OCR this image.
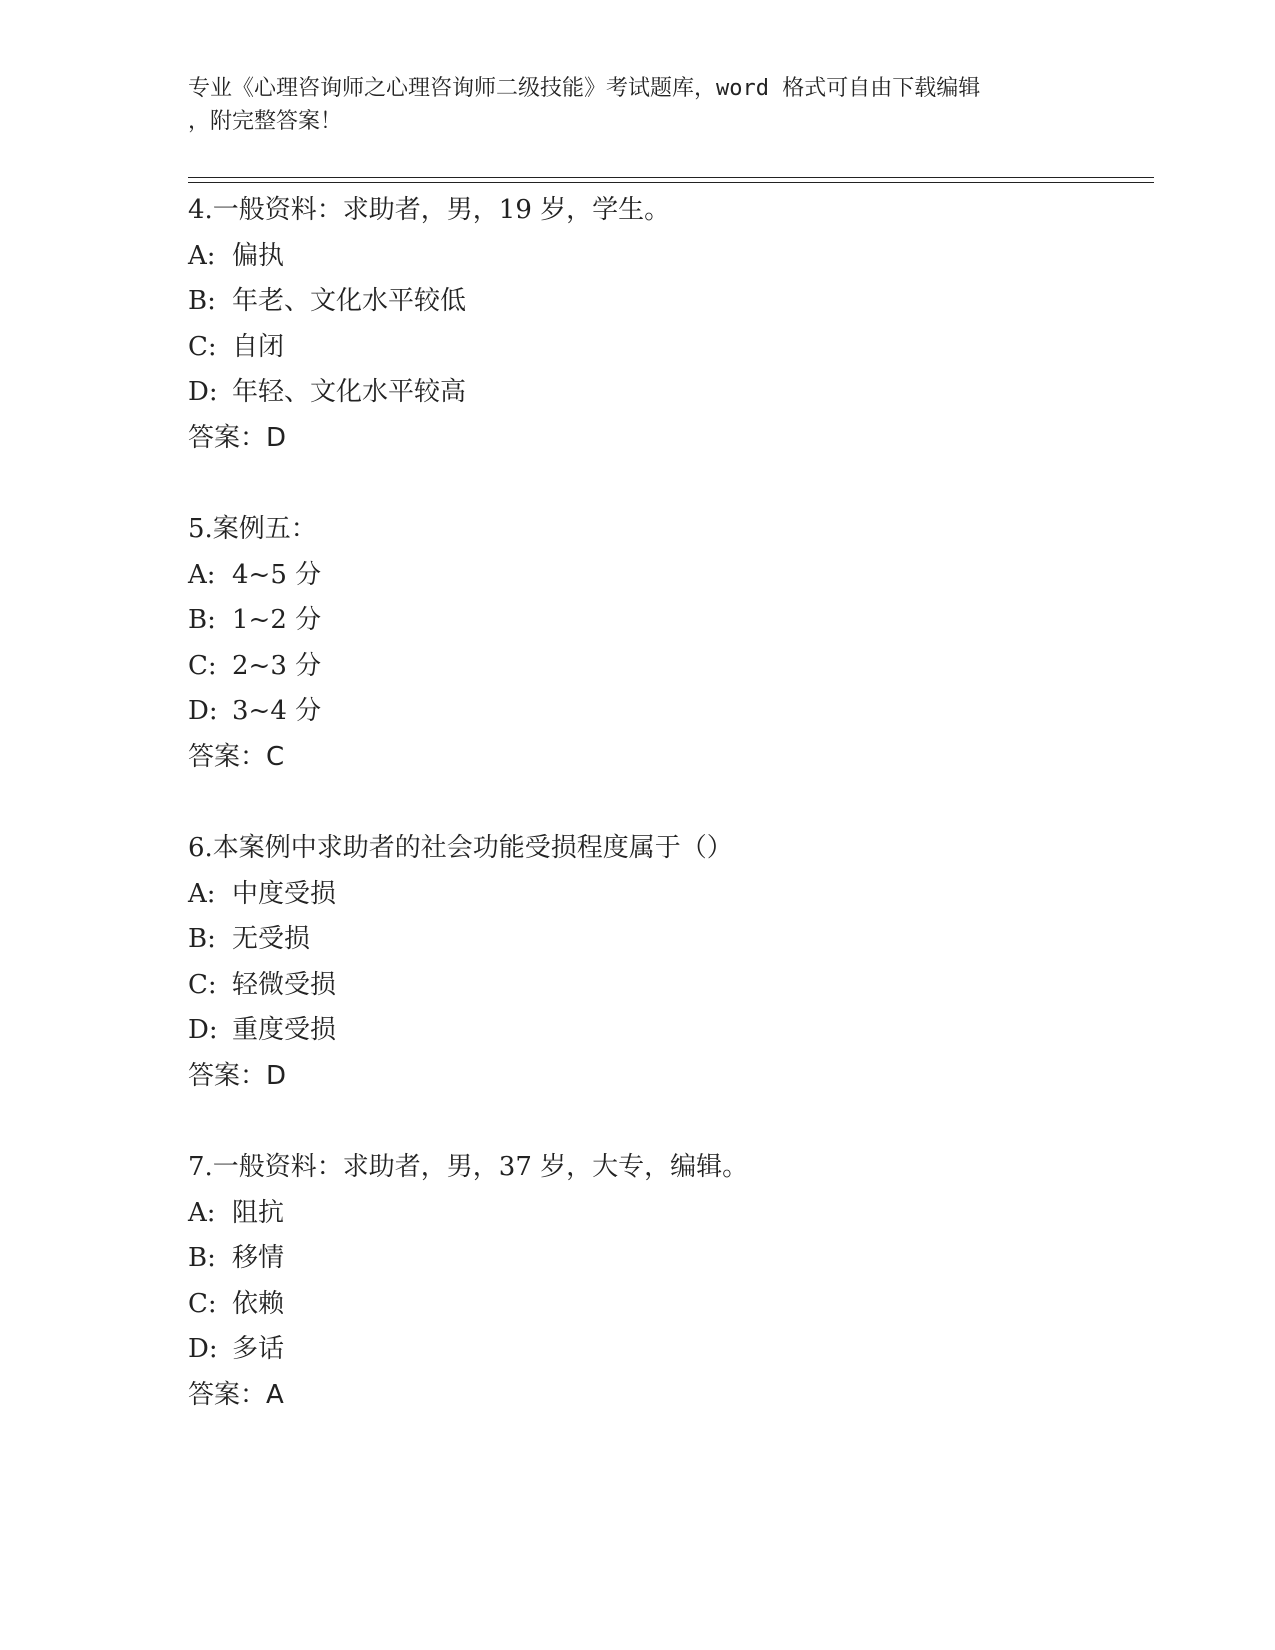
专业《心理咨询师之心理咨询师二级技能》考试题库，word 格式可自由下载编辑
，附完整答案！
4.一般资料：求助者，男，19 岁，学生。
A: 偏执
B: 年老、文化水平较低
C: 自闭
D: 年轻、文化水平较高
答案：D
5.案例五：
A: 4~5 分
B: 1~2 分
C: 2~3 分
D: 3~4 分
答案：C
6.本案例中求助者的社会功能受损程度属于（）
A: 中度受损
B: 无受损
C: 轻微受损
D: 重度受损
答案：D
7.一般资料：求助者，男，37 岁，大专，编辑。
A: 阻抗
B: 移情
C: 依赖
D: 多话
答案：A
